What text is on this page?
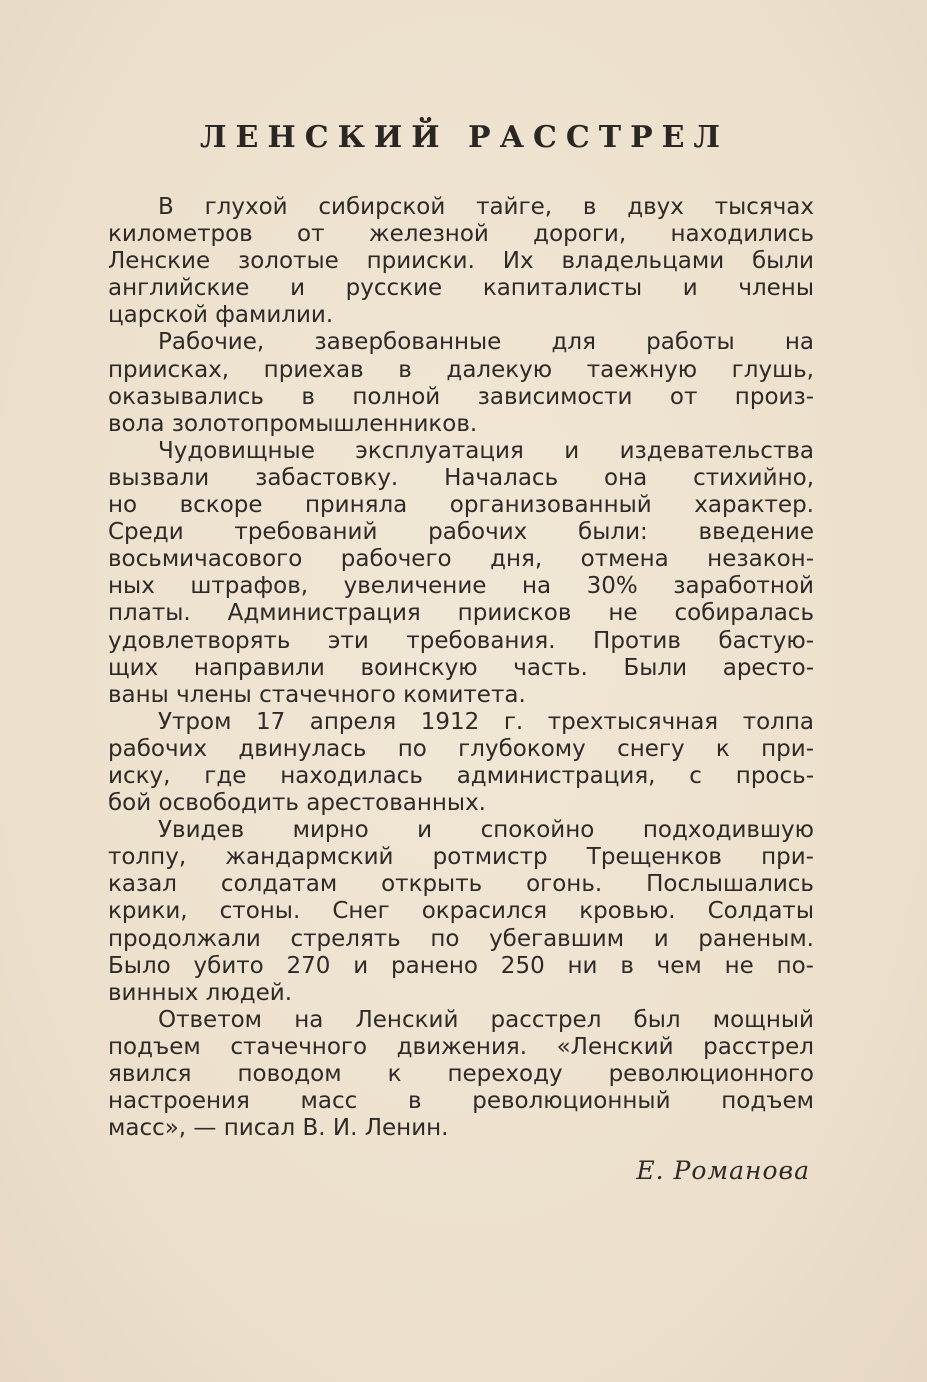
ЛЕНСКИЙ РАССТРЕЛ
В глухой сибирской тайге, в двух тысячах
километров от железной дороги, находились
Ленские золотые прииски. Их владельцами были
английские и русские капиталисты и члены
царской фамилии.
Рабочие, завербованные для работы на
приисках, приехав в далекую таежную глушь,
оказывались в полной зависимости от произ-
вола золотопромышленников.
Чудовищные эксплуатация и издевательства
вызвали забастовку. Началась она стихийно,
но вскоре приняла организованный характер.
Среди требований рабочих были: введение
восьмичасового рабочего дня, отмена незакон-
ных штрафов, увеличение на 30% заработной
платы. Администрация приисков не собиралась
удовлетворять эти требования. Против бастую-
щих направили воинскую часть. Были аресто-
ваны члены стачечного комитета.
Утром 17 апреля 1912 г. трехтысячная толпа
рабочих двинулась по глубокому снегу к при-
иску, где находилась администрация, с прось-
бой освободить арестованных.
Увидев мирно и спокойно подходившую
толпу, жандармский ротмистр Трещенков при-
казал солдатам открыть огонь. Послышались
крики, стоны. Снег окрасился кровью. Солдаты
продолжали стрелять по убегавшим и раненым.
Было убито 270 и ранено 250 ни в чем не по-
винных людей.
Ответом на Ленский расстрел был мощный
подъем стачечного движения. «Ленский расстрел
явился поводом к переходу революционного
настроения масс в революционный подъем
масс», — писал В. И. Ленин.
Е. Романова
